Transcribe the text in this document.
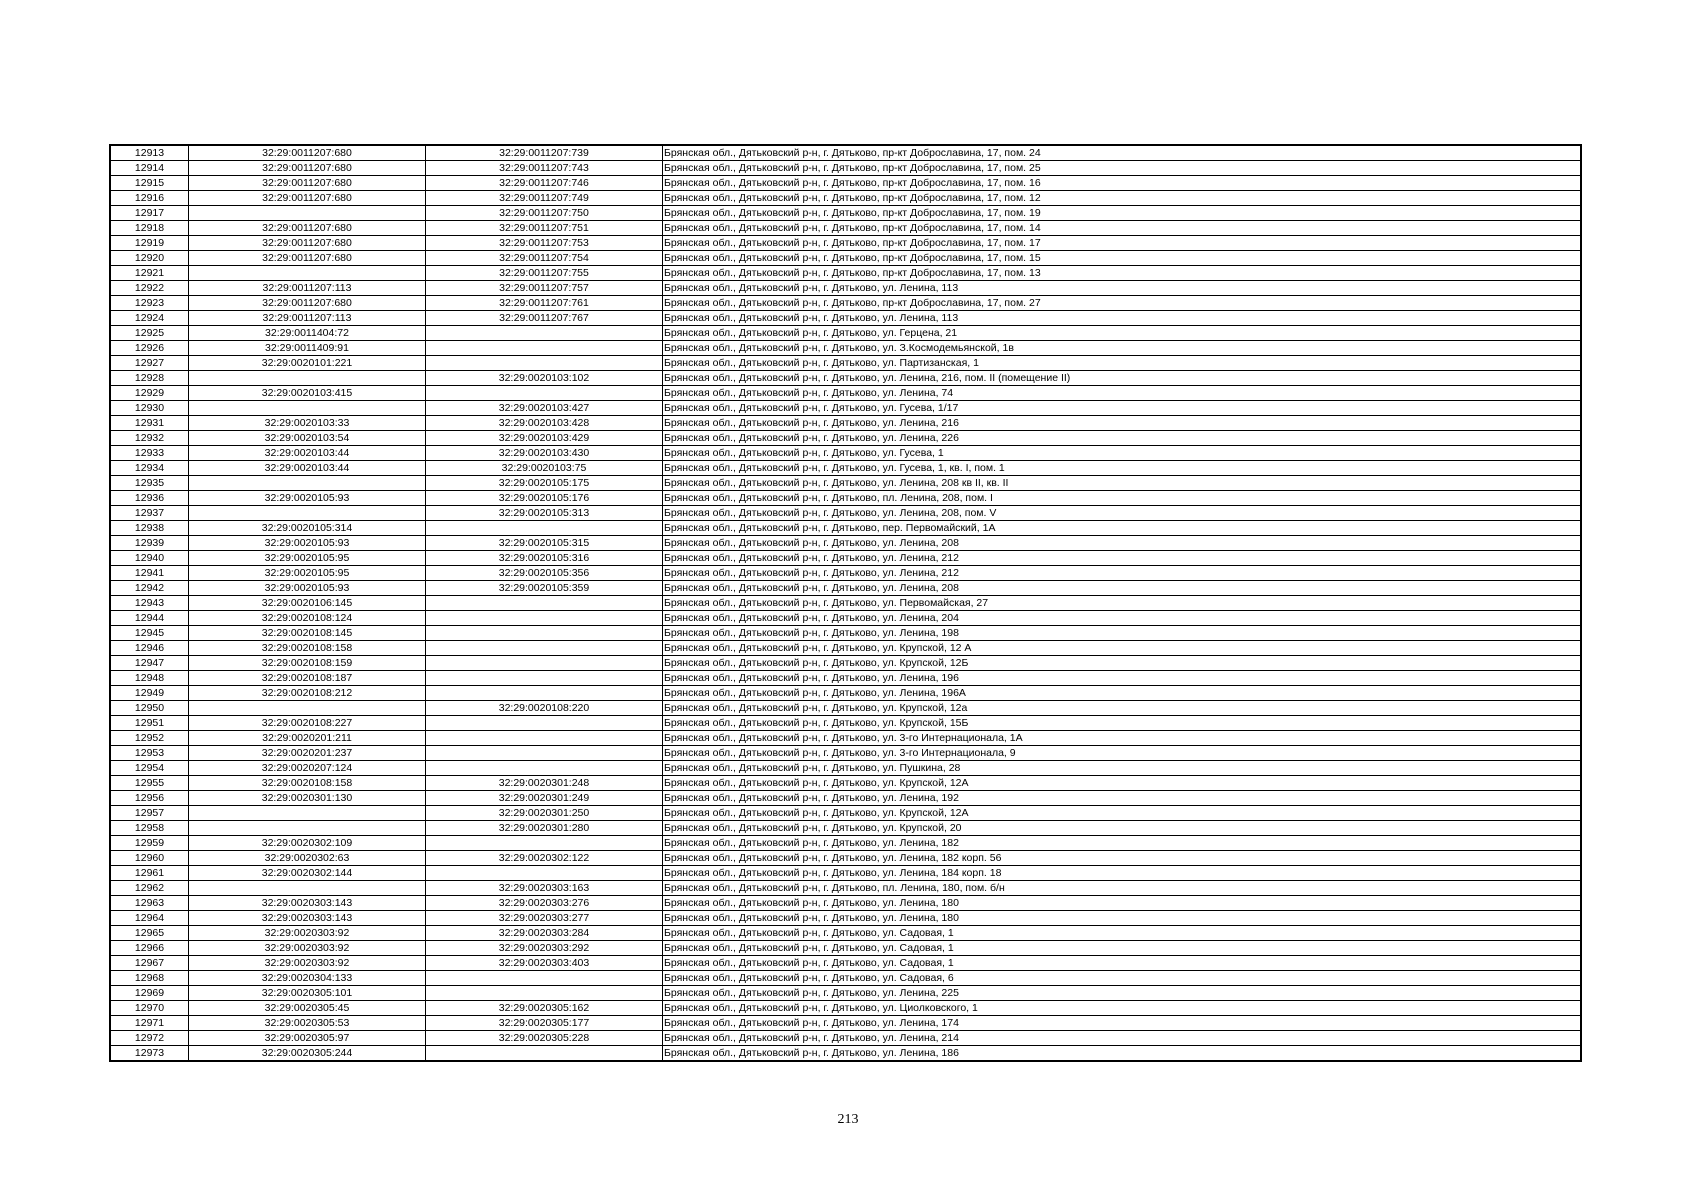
12913	32:29:0011207:680	32:29:0011207:739	Брянская обл., Дятьковский р-н, г. Дятьково, пр-кт Доброславина, 17, пом. 24
12914	32:29:0011207:680	32:29:0011207:743	Брянская обл., Дятьковский р-н, г. Дятьково, пр-кт Доброславина, 17, пом. 25
12915	32:29:0011207:680	32:29:0011207:746	Брянская обл., Дятьковский р-н, г. Дятьково, пр-кт Доброславина, 17, пом. 16
12916	32:29:0011207:680	32:29:0011207:749	Брянская обл., Дятьковский р-н, г. Дятьково, пр-кт Доброславина, 17, пом. 12
12917		32:29:0011207:750	Брянская обл., Дятьковский р-н, г. Дятьково, пр-кт Доброславина, 17, пом. 19
12918	32:29:0011207:680	32:29:0011207:751	Брянская обл., Дятьковский р-н, г. Дятьково, пр-кт Доброславина, 17, пом. 14
12919	32:29:0011207:680	32:29:0011207:753	Брянская обл., Дятьковский р-н, г. Дятьково, пр-кт Доброславина, 17, пом. 17
12920	32:29:0011207:680	32:29:0011207:754	Брянская обл., Дятьковский р-н, г. Дятьково, пр-кт Доброславина, 17, пом. 15
12921		32:29:0011207:755	Брянская обл., Дятьковский р-н, г. Дятьково, пр-кт Доброславина, 17, пом. 13
12922	32:29:0011207:113	32:29:0011207:757	Брянская обл., Дятьковский р-н, г. Дятьково, ул. Ленина, 113
12923	32:29:0011207:680	32:29:0011207:761	Брянская обл., Дятьковский р-н, г. Дятьково, пр-кт Доброславина, 17, пом. 27
12924	32:29:0011207:113	32:29:0011207:767	Брянская обл., Дятьковский р-н, г. Дятьково, ул. Ленина, 113
12925	32:29:0011404:72		Брянская обл., Дятьковский р-н, г. Дятьково, ул. Герцена, 21
12926	32:29:0011409:91		Брянская обл., Дятьковский р-н, г. Дятьково, ул. З.Космодемьянской, 1в
12927	32:29:0020101:221		Брянская обл., Дятьковский р-н, г. Дятьково, ул. Партизанская, 1
12928		32:29:0020103:102	Брянская обл., Дятьковский р-н, г. Дятьково, ул. Ленина, 216, пом. II (помещение II)
12929	32:29:0020103:415		Брянская обл., Дятьковский р-н, г. Дятьково, ул. Ленина, 74
12930		32:29:0020103:427	Брянская обл., Дятьковский р-н, г. Дятьково, ул. Гусева, 1/17
12931	32:29:0020103:33	32:29:0020103:428	Брянская обл., Дятьковский р-н, г. Дятьково, ул. Ленина, 216
12932	32:29:0020103:54	32:29:0020103:429	Брянская обл., Дятьковский р-н, г. Дятьково, ул. Ленина, 226
12933	32:29:0020103:44	32:29:0020103:430	Брянская обл., Дятьковский р-н, г. Дятьково, ул. Гусева, 1
12934	32:29:0020103:44	32:29:0020103:75	Брянская обл., Дятьковский р-н, г. Дятьково, ул. Гусева, 1, кв. I, пом. 1
12935		32:29:0020105:175	Брянская обл., Дятьковский р-н, г. Дятьково, ул. Ленина, 208 кв II, кв. II
12936	32:29:0020105:93	32:29:0020105:176	Брянская обл., Дятьковский р-н, г. Дятьково, пл. Ленина, 208, пом. I
12937		32:29:0020105:313	Брянская обл., Дятьковский р-н, г. Дятьково, ул. Ленина, 208, пом. V
12938	32:29:0020105:314		Брянская обл., Дятьковский р-н, г. Дятьково, пер. Первомайский, 1А
12939	32:29:0020105:93	32:29:0020105:315	Брянская обл., Дятьковский р-н, г. Дятьково, ул. Ленина, 208
12940	32:29:0020105:95	32:29:0020105:316	Брянская обл., Дятьковский р-н, г. Дятьково, ул. Ленина, 212
12941	32:29:0020105:95	32:29:0020105:356	Брянская обл., Дятьковский р-н, г. Дятьково, ул. Ленина, 212
12942	32:29:0020105:93	32:29:0020105:359	Брянская обл., Дятьковский р-н, г. Дятьково, ул. Ленина, 208
12943	32:29:0020106:145		Брянская обл., Дятьковский р-н, г. Дятьково, ул. Первомайская, 27
12944	32:29:0020108:124		Брянская обл., Дятьковский р-н, г. Дятьково, ул. Ленина, 204
12945	32:29:0020108:145		Брянская обл., Дятьковский р-н, г. Дятьково, ул. Ленина, 198
12946	32:29:0020108:158		Брянская обл., Дятьковский р-н, г. Дятьково, ул. Крупской, 12 А
12947	32:29:0020108:159		Брянская обл., Дятьковский р-н, г. Дятьково, ул. Крупской, 12Б
12948	32:29:0020108:187		Брянская обл., Дятьковский р-н, г. Дятьково, ул. Ленина, 196
12949	32:29:0020108:212		Брянская обл., Дятьковский р-н, г. Дятьково, ул. Ленина, 196А
12950		32:29:0020108:220	Брянская обл., Дятьковский р-н, г. Дятьково, ул. Крупской, 12а
12951	32:29:0020108:227		Брянская обл., Дятьковский р-н, г. Дятьково, ул. Крупской, 15Б
12952	32:29:0020201:211		Брянская обл., Дятьковский р-н, г. Дятьково, ул. 3-го Интернационала, 1А
12953	32:29:0020201:237		Брянская обл., Дятьковский р-н, г. Дятьково, ул. 3-го Интернационала, 9
12954	32:29:0020207:124		Брянская обл., Дятьковский р-н, г. Дятьково, ул. Пушкина, 28
12955	32:29:0020108:158	32:29:0020301:248	Брянская обл., Дятьковский р-н, г. Дятьково, ул. Крупской, 12А
12956	32:29:0020301:130	32:29:0020301:249	Брянская обл., Дятьковский р-н, г. Дятьково, ул. Ленина, 192
12957		32:29:0020301:250	Брянская обл., Дятьковский р-н, г. Дятьково, ул. Крупской, 12А
12958		32:29:0020301:280	Брянская обл., Дятьковский р-н, г. Дятьково, ул. Крупской, 20
12959	32:29:0020302:109		Брянская обл., Дятьковский р-н, г. Дятьково, ул. Ленина, 182
12960	32:29:0020302:63	32:29:0020302:122	Брянская обл., Дятьковский р-н, г. Дятьково, ул. Ленина, 182 корп. 56
12961	32:29:0020302:144		Брянская обл., Дятьковский р-н, г. Дятьково, ул. Ленина, 184 корп. 18
12962		32:29:0020303:163	Брянская обл., Дятьковский р-н, г. Дятьково, пл. Ленина, 180, пом. б/н
12963	32:29:0020303:143	32:29:0020303:276	Брянская обл., Дятьковский р-н, г. Дятьково, ул. Ленина, 180
12964	32:29:0020303:143	32:29:0020303:277	Брянская обл., Дятьковский р-н, г. Дятьково, ул. Ленина, 180
12965	32:29:0020303:92	32:29:0020303:284	Брянская обл., Дятьковский р-н, г. Дятьково, ул. Садовая, 1
12966	32:29:0020303:92	32:29:0020303:292	Брянская обл., Дятьковский р-н, г. Дятьково, ул. Садовая, 1
12967	32:29:0020303:92	32:29:0020303:403	Брянская обл., Дятьковский р-н, г. Дятьково, ул. Садовая, 1
12968	32:29:0020304:133		Брянская обл., Дятьковский р-н, г. Дятьково, ул. Садовая, 6
12969	32:29:0020305:101		Брянская обл., Дятьковский р-н, г. Дятьково, ул. Ленина, 225
12970	32:29:0020305:45	32:29:0020305:162	Брянская обл., Дятьковский р-н, г. Дятьково, ул. Циолковского, 1
12971	32:29:0020305:53	32:29:0020305:177	Брянская обл., Дятьковский р-н, г. Дятьково, ул. Ленина, 174
12972	32:29:0020305:97	32:29:0020305:228	Брянская обл., Дятьковский р-н, г. Дятьково, ул. Ленина, 214
12973	32:29:0020305:244		Брянская обл., Дятьковский р-н, г. Дятьково, ул. Ленина, 186
213
